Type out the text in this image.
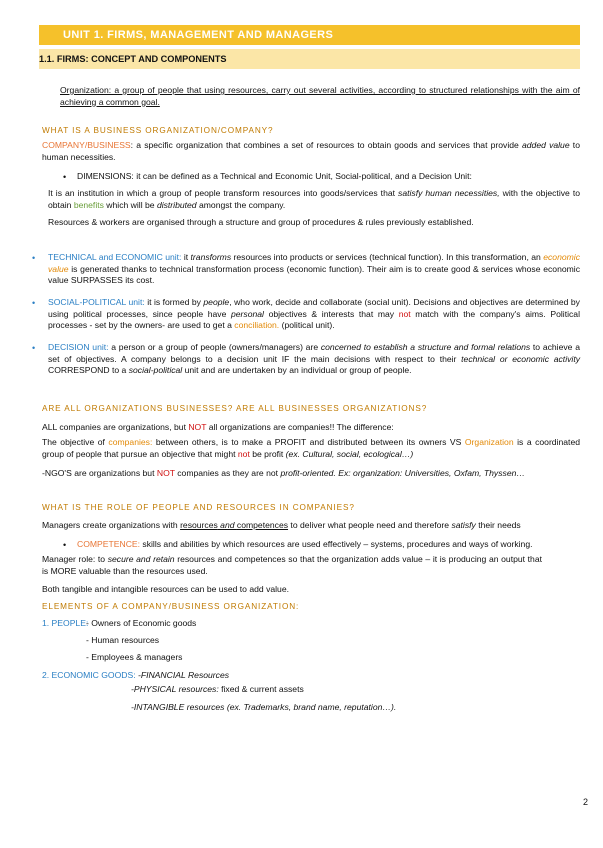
UNIT 1. FIRMS, MANAGEMENT AND MANAGERS
1.1. FIRMS: CONCEPT AND COMPONENTS
Organization: a group of people that using resources, carry out several activities, according to structured relationships with the aim of achieving a common goal.
WHAT IS A BUSINESS ORGANIZATION/COMPANY?
COMPANY/BUSINESS: a specific organization that combines a set of resources to obtain goods and services that provide added value to human necessities.
• DIMENSIONS: it can be defined as a Technical and Economic Unit, Social-political, and a Decision Unit:
It is an institution in which a group of people transform resources into goods/services that satisfy human necessities, with the objective to obtain benefits which will be distributed amongst the company.
Resources & workers are organised through a structure and group of procedures & rules previously established.
• TECHNICAL and ECONOMIC unit: it transforms resources into products or services (technical function). In this transformation, an economic value is generated thanks to technical transformation process (economic function). Their aim is to create good & services whose economic value SURPASSES its cost.
• SOCIAL-POLITICAL unit: it is formed by people, who work, decide and collaborate (social unit). Decisions and objectives are determined by using political processes, since people have personal objectives & interests that may not match with the company's aims. Political processes - set by the owners- are used to get a conciliation. (political unit).
• DECISION unit: a person or a group of people (owners/managers) are concerned to establish a structure and formal relations to achieve a set of objectives. A company belongs to a decision unit IF the main decisions with respect to their technical or economic activity CORRESPOND to a social-political unit and are undertaken by an individual or group of people.
ARE ALL ORGANIZATIONS BUSINESSES? ARE ALL BUSINESSES ORGANIZATIONS?
ALL companies are organizations, but NOT all organizations are companies!! The difference:
The objective of companies: between others, is to make a PROFIT and distributed between its owners VS Organization is a coordinated group of people that pursue an objective that might not be profit (ex. Cultural, social, ecological…)
-NGO'S are organizations but NOT companies as they are not profit-oriented. Ex: organization: Universities, Oxfam, Thyssen…
WHAT IS THE ROLE OF PEOPLE AND RESOURCES IN COMPANIES?
Managers create organizations with resources and competences to deliver what people need and therefore satisfy their needs
• COMPETENCE: skills and abilities by which resources are used effectively – systems, procedures and ways of working.
Manager role: to secure and retain resources and competences so that the organization adds value – it is producing an output that is MORE valuable than the resources used.
Both tangible and intangible resources can be used to add value.
ELEMENTS OF A COMPANY/BUSINESS ORGANIZATION:
1. PEOPLE:
- Owners of Economic goods
- Human resources
- Employees & managers
2. ECONOMIC GOODS: -FINANCIAL Resources
-PHYSICAL resources: fixed & current assets
-INTANGIBLE resources (ex. Trademarks, brand name, reputation…).
2
